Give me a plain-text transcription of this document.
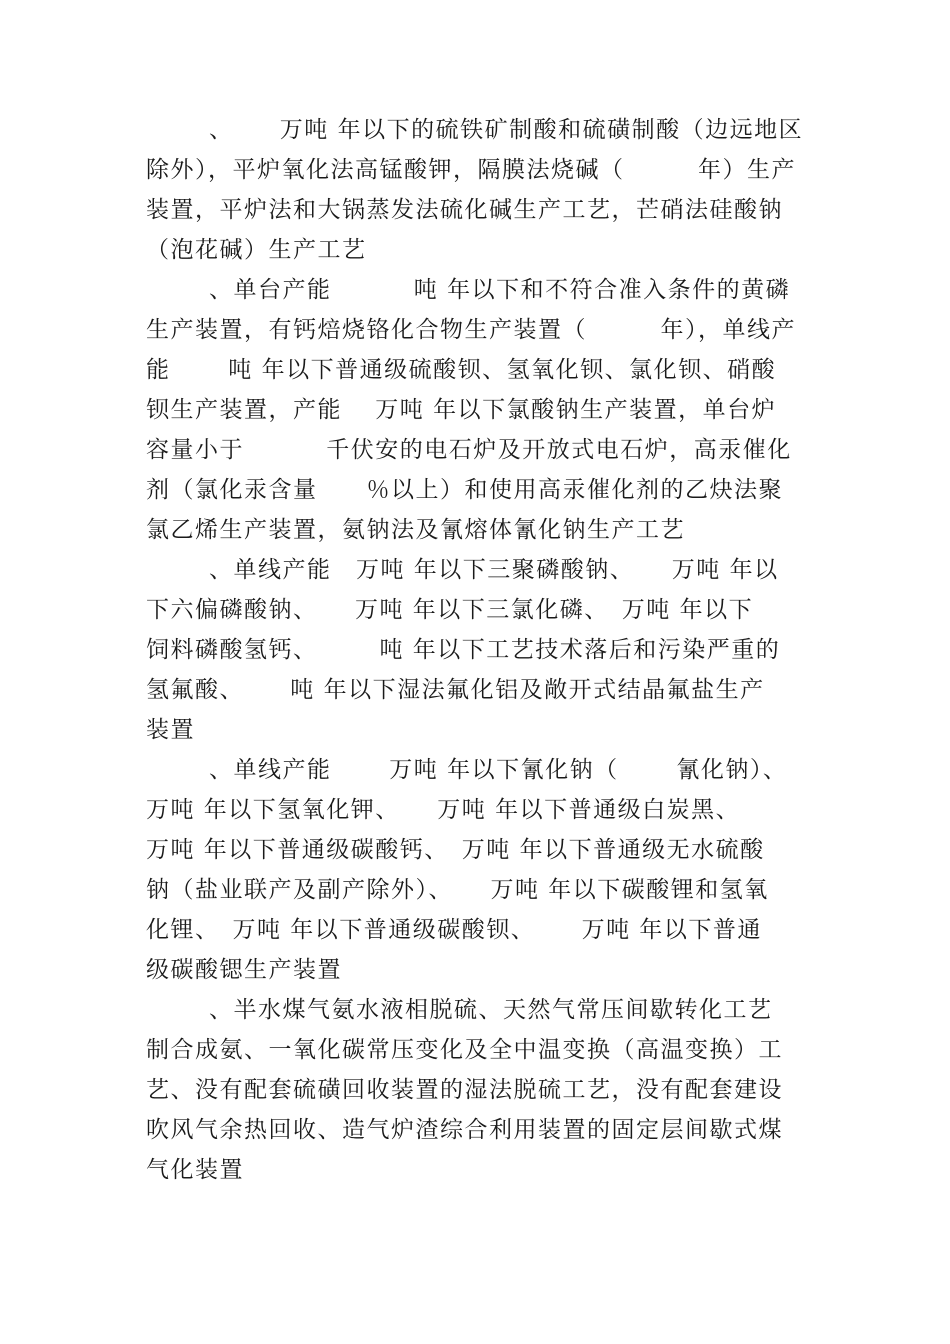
、　　 万吨 年以下的硫铁矿制酸和硫磺制酸（边远地区
除外），平炉氧化法高锰酸钾，隔膜法烧碱（　　　年）生产
装置，平炉法和大锅蒸发法硫化碱生产工艺，芒硝法硅酸钠
（泡花碱）生产工艺
、单台产能　　　 吨 年以下和不符合准入条件的黄磷
生产装置，有钙焙烧铬化合物生产装置（　　　年），单线产
能　　 吨 年以下普通级硫酸钡、氢氧化钡、氯化钡、硝酸
钡生产装置，产能　 万吨 年以下氯酸钠生产装置，单台炉
容量小于　　　 千伏安的电石炉及开放式电石炉，高汞催化
剂（氯化汞含量　　％以上）和使用高汞催化剂的乙炔法聚
氯乙烯生产装置，氨钠法及氰熔体氰化钠生产工艺
、单线产能　万吨 年以下三聚磷酸钠、　　万吨 年以
下六偏磷酸钠、　　万吨 年以下三氯化磷、　万吨 年以下
饲料磷酸氢钙、　　　吨 年以下工艺技术落后和污染严重的
氢氟酸、　　 吨 年以下湿法氟化铝及敞开式结晶氟盐生产
装置
、单线产能　　 万吨 年以下氰化钠（　　 氰化钠）、
万吨 年以下氢氧化钾、　　万吨 年以下普通级白炭黑、
万吨 年以下普通级碳酸钙、　万吨 年以下普通级无水硫酸
钠（盐业联产及副产除外）、　　万吨 年以下碳酸锂和氢氧
化锂、　万吨 年以下普通级碳酸钡、　　 万吨 年以下普通
级碳酸锶生产装置
、半水煤气氨水液相脱硫、天然气常压间歇转化工艺
制合成氨、一氧化碳常压变化及全中温变换（高温变换）工
艺、没有配套硫磺回收装置的湿法脱硫工艺，没有配套建设
吹风气余热回收、造气炉渣综合利用装置的固定层间歇式煤
气化装置
